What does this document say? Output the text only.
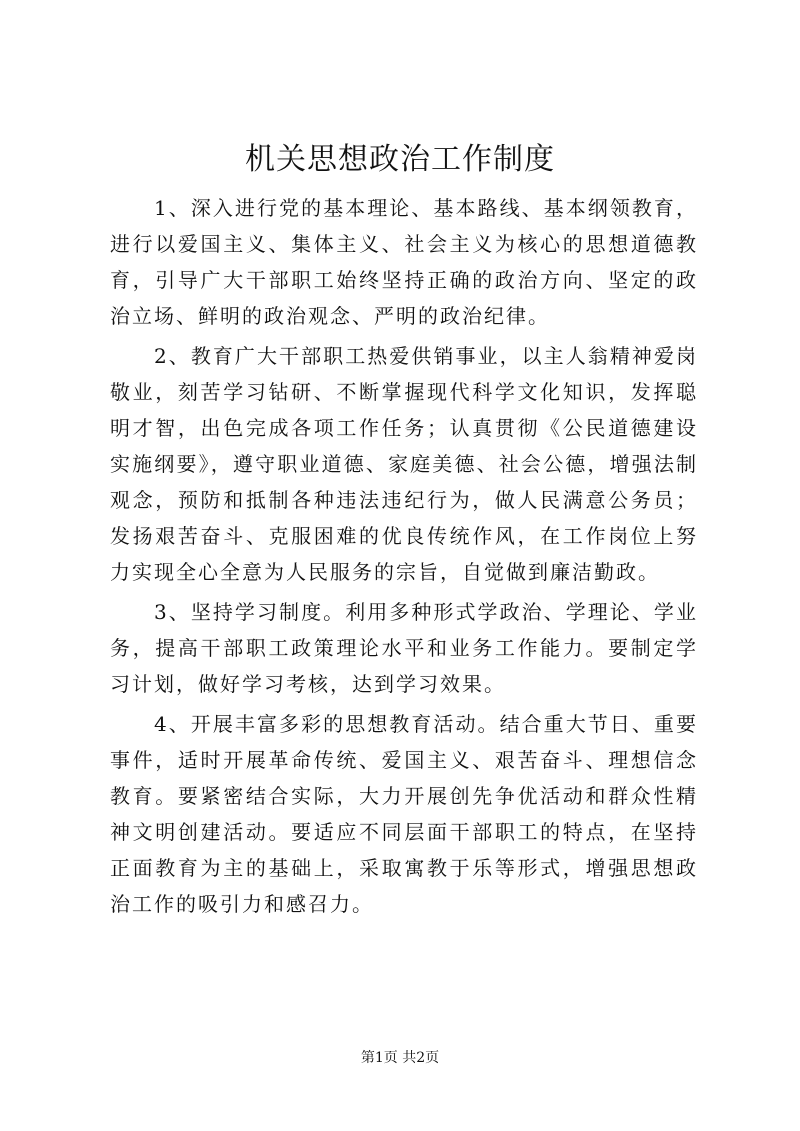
机关思想政治工作制度

1、深入进行党的基本理论、基本路线、基本纲领教育，进行以爱国主义、集体主义、社会主义为核心的思想道德教育，引导广大干部职工始终坚持正确的政治方向、坚定的政治立场、鲜明的政治观念、严明的政治纪律。

2、教育广大干部职工热爱供销事业，以主人翁精神爱岗敬业，刻苦学习钻研、不断掌握现代科学文化知识，发挥聪明才智，出色完成各项工作任务；认真贯彻《公民道德建设实施纲要》，遵守职业道德、家庭美德、社会公德，增强法制观念，预防和抵制各种违法违纪行为，做人民满意公务员；发扬艰苦奋斗、克服困难的优良传统作风，在工作岗位上努力实现全心全意为人民服务的宗旨，自觉做到廉洁勤政。

3、坚持学习制度。利用多种形式学政治、学理论、学业务，提高干部职工政策理论水平和业务工作能力。要制定学习计划，做好学习考核，达到学习效果。

4、开展丰富多彩的思想教育活动。结合重大节日、重要事件，适时开展革命传统、爱国主义、艰苦奋斗、理想信念教育。要紧密结合实际，大力开展创先争优活动和群众性精神文明创建活动。要适应不同层面干部职工的特点，在坚持正面教育为主的基础上，采取寓教于乐等形式，增强思想政治工作的吸引力和感召力。

第1页 共2页
